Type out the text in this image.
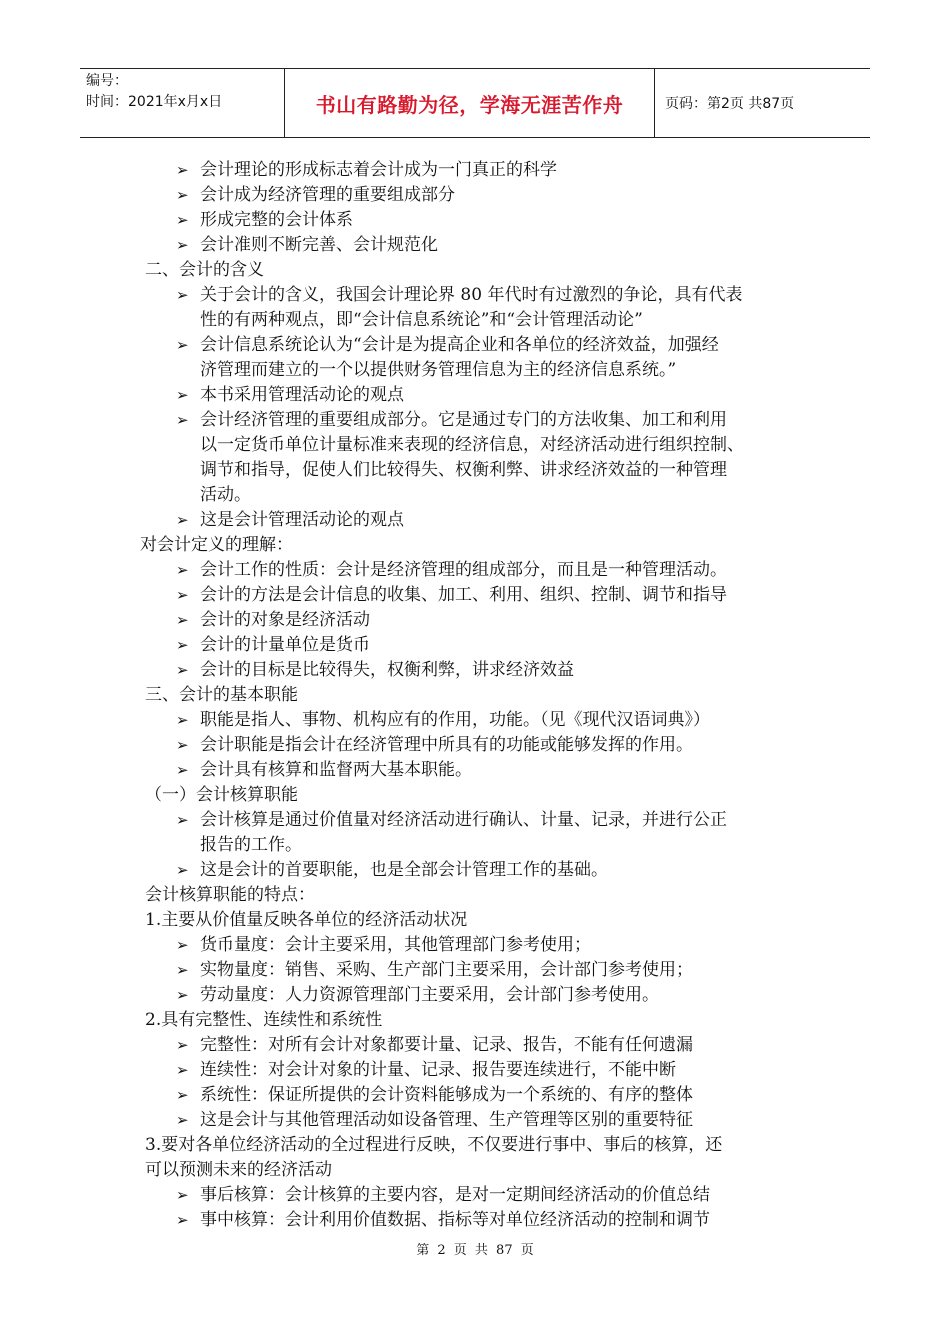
编号：
时间：2021年x月x日	书山有路勤为径，学海无涯苦作舟	页码：第2页 共87页
➢ 会计理论的形成标志着会计成为一门真正的科学
➢ 会计成为经济管理的重要组成部分
➢ 形成完整的会计体系
➢ 会计准则不断完善、会计规范化
二、会计的含义
➢ 关于会计的含义，我国会计理论界 80 年代时有过激烈的争论，具有代表
性的有两种观点，即“会计信息系统论”和“会计管理活动论”
➢ 会计信息系统论认为“会计是为提高企业和各单位的经济效益，加强经
济管理而建立的一个以提供财务管理信息为主的经济信息系统。”
➢ 本书采用管理活动论的观点
➢ 会计经济管理的重要组成部分。它是通过专门的方法收集、加工和利用
以一定货币单位计量标准来表现的经济信息，对经济活动进行组织控制、
调节和指导，促使人们比较得失、权衡利弊、讲求经济效益的一种管理
活动。
➢ 这是会计管理活动论的观点
对会计定义的理解：
➢ 会计工作的性质：会计是经济管理的组成部分，而且是一种管理活动。
➢ 会计的方法是会计信息的收集、加工、利用、组织、控制、调节和指导
➢ 会计的对象是经济活动
➢ 会计的计量单位是货币
➢ 会计的目标是比较得失，权衡利弊，讲求经济效益
三、会计的基本职能
➢ 职能是指人、事物、机构应有的作用，功能。（见《现代汉语词典》）
➢ 会计职能是指会计在经济管理中所具有的功能或能够发挥的作用。
➢ 会计具有核算和监督两大基本职能。
（一）会计核算职能
➢ 会计核算是通过价值量对经济活动进行确认、计量、记录，并进行公正
报告的工作。
➢ 这是会计的首要职能，也是全部会计管理工作的基础。
会计核算职能的特点：
1.主要从价值量反映各单位的经济活动状况
➢ 货币量度：会计主要采用，其他管理部门参考使用；
➢ 实物量度：销售、采购、生产部门主要采用，会计部门参考使用；
➢ 劳动量度：人力资源管理部门主要采用，会计部门参考使用。
2.具有完整性、连续性和系统性
➢ 完整性：对所有会计对象都要计量、记录、报告，不能有任何遗漏
➢ 连续性：对会计对象的计量、记录、报告要连续进行，不能中断
➢ 系统性：保证所提供的会计资料能够成为一个系统的、有序的整体
➢ 这是会计与其他管理活动如设备管理、生产管理等区别的重要特征
3.要对各单位经济活动的全过程进行反映，不仅要进行事中、事后的核算，还
可以预测未来的经济活动
➢ 事后核算：会计核算的主要内容，是对一定期间经济活动的价值总结
➢ 事中核算：会计利用价值数据、指标等对单位经济活动的控制和调节
第 2 页 共 87 页
